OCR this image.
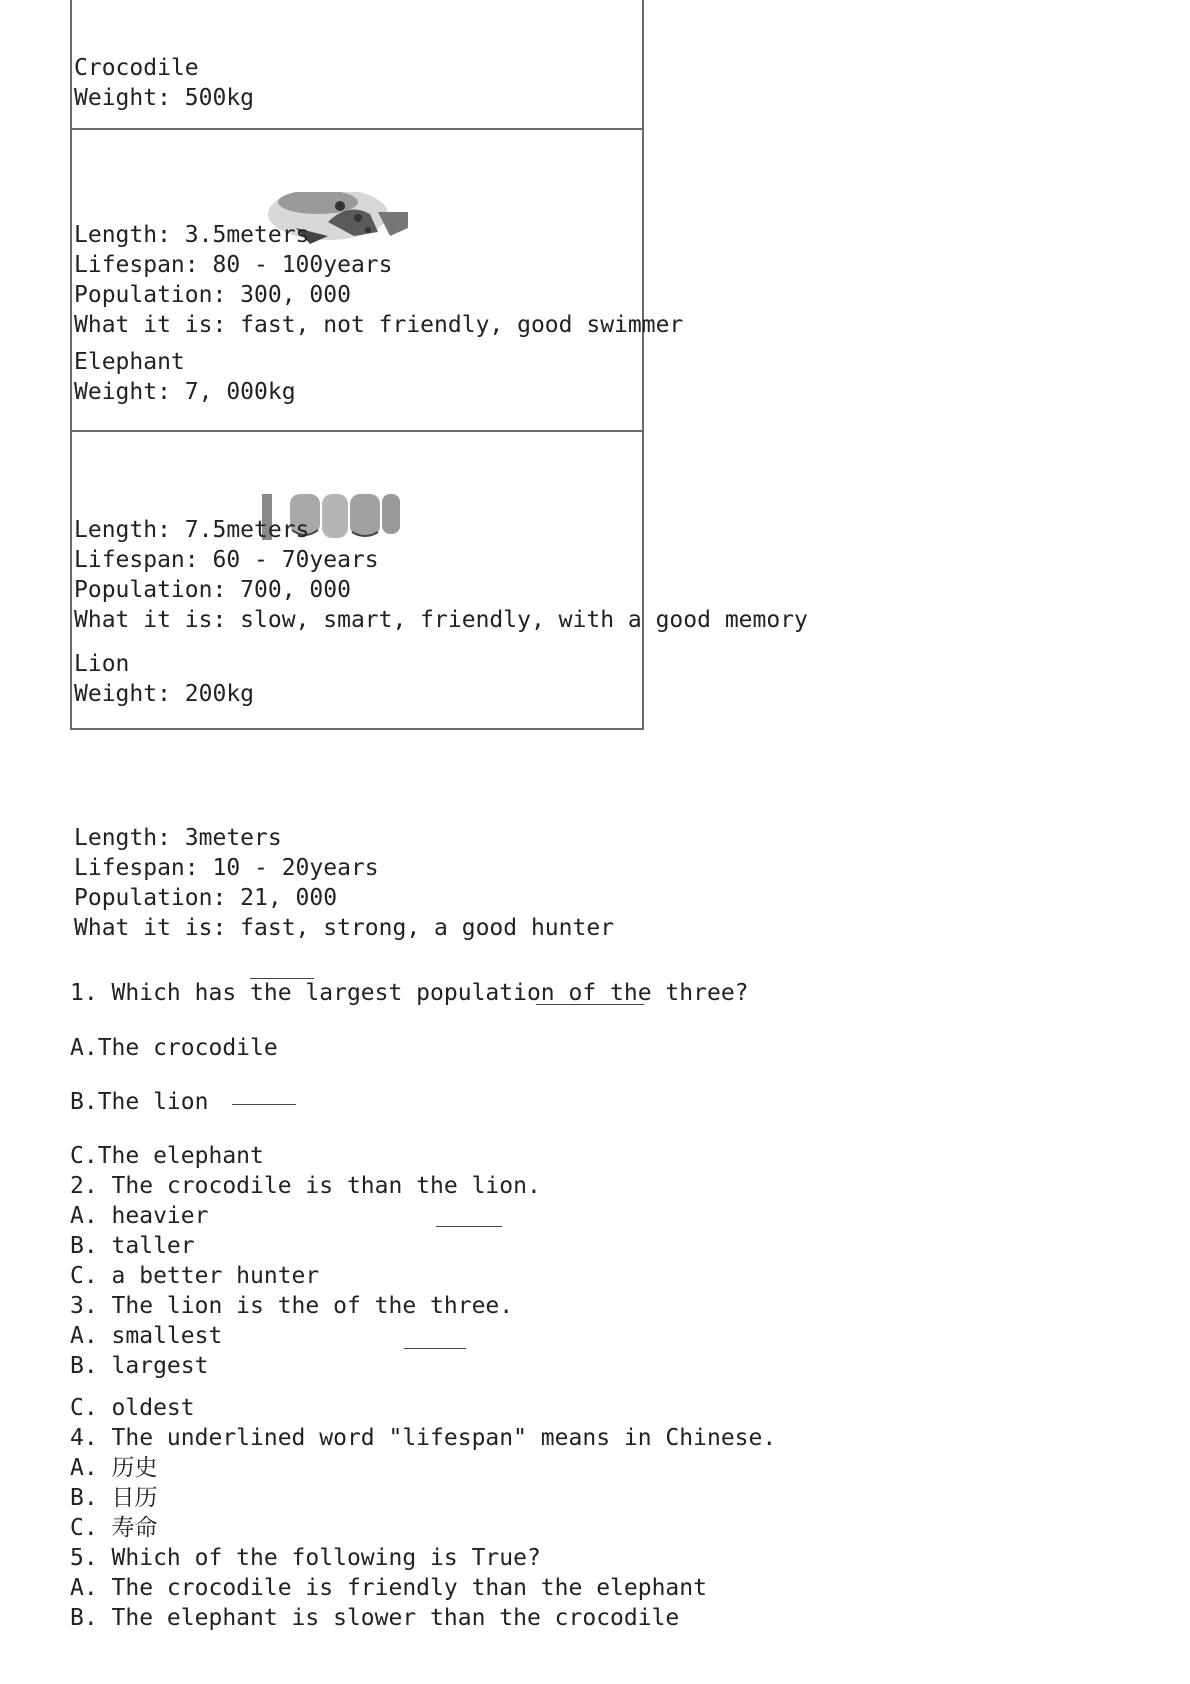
Crocodile
Weight: 500kg
Length: 3.5meters
Lifespan: 80 - 100years
Population: 300, 000
What it is: fast, not friendly, good swimmer
Elephant
Weight: 7, 000kg
Length: 7.5meters
Lifespan: 60 - 70years
Population: 700, 000
What it is: slow, smart, friendly, with a good memory
Lion
Weight: 200kg
Length: 3meters
Lifespan: 10 - 20years
Population: 21, 000
What it is: fast, strong, a good hunter
1. Which has the largest population of the three?
A.The crocodile
B.The lion
C.The elephant
2. The crocodile is than the lion.
A. heavier
B. taller
C. a better hunter
3. The lion is the of the three.
A. smallest
B. largest
C. oldest
4. The underlined word "lifespan" means in Chinese.
A. 历史
B. 日历
C. 寿命
5. Which of the following is True?
A. The crocodile is friendly than the elephant
B. The elephant is slower than the crocodile
